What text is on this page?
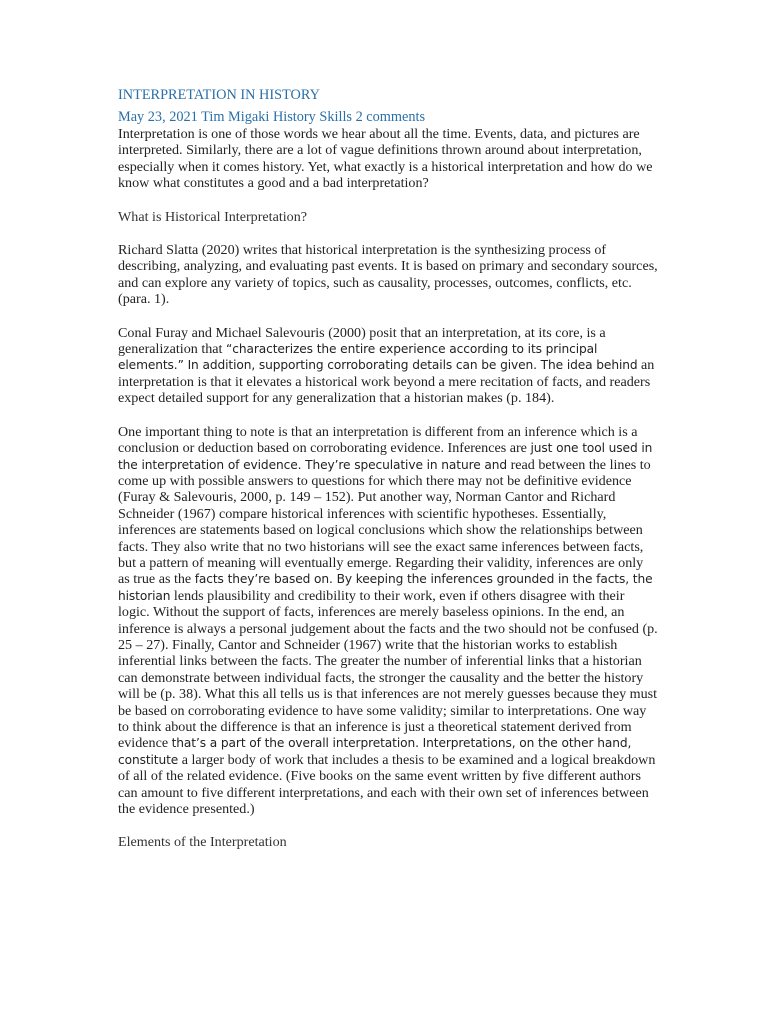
INTERPRETATION IN HISTORY
May 23, 2021 Tim Migaki History Skills 2 comments

Interpretation is one of those words we hear about all the time. Events, data, and pictures are interpreted. Similarly, there are a lot of vague definitions thrown around about interpretation, especially when it comes history. Yet, what exactly is a historical interpretation and how do we know what constitutes a good and a bad interpretation?

What is Historical Interpretation?

Richard Slatta (2020) writes that historical interpretation is the synthesizing process of describing, analyzing, and evaluating past events. It is based on primary and secondary sources, and can explore any variety of topics, such as causality, processes, outcomes, conflicts, etc. (para. 1).

Conal Furay and Michael Salevouris (2000) posit that an interpretation, at its core, is a generalization that “characterizes the entire experience according to its principal elements.” In addition, supporting corroborating details can be given. The idea behind an interpretation is that it elevates a historical work beyond a mere recitation of facts, and readers expect detailed support for any generalization that a historian makes (p. 184).

One important thing to note is that an interpretation is different from an inference which is a conclusion or deduction based on corroborating evidence. Inferences are just one tool used in the interpretation of evidence. They’re speculative in nature and read between the lines to come up with possible answers to questions for which there may not be definitive evidence (Furay & Salevouris, 2000, p. 149 – 152). Put another way, Norman Cantor and Richard Schneider (1967) compare historical inferences with scientific hypotheses. Essentially, inferences are statements based on logical conclusions which show the relationships between facts. They also write that no two historians will see the exact same inferences between facts, but a pattern of meaning will eventually emerge. Regarding their validity, inferences are only as true as the facts they’re based on. By keeping the inferences grounded in the facts, the historian lends plausibility and credibility to their work, even if others disagree with their logic. Without the support of facts, inferences are merely baseless opinions. In the end, an inference is always a personal judgement about the facts and the two should not be confused (p. 25 – 27). Finally, Cantor and Schneider (1967) write that the historian works to establish inferential links between the facts. The greater the number of inferential links that a historian can demonstrate between individual facts, the stronger the causality and the better the history will be (p. 38). What this all tells us is that inferences are not merely guesses because they must be based on corroborating evidence to have some validity; similar to interpretations. One way to think about the difference is that an inference is just a theoretical statement derived from evidence that’s a part of the overall interpretation. Interpretations, on the other hand, constitute a larger body of work that includes a thesis to be examined and a logical breakdown of all of the related evidence. (Five books on the same event written by five different authors can amount to five different interpretations, and each with their own set of inferences between the evidence presented.)

Elements of the Interpretation
